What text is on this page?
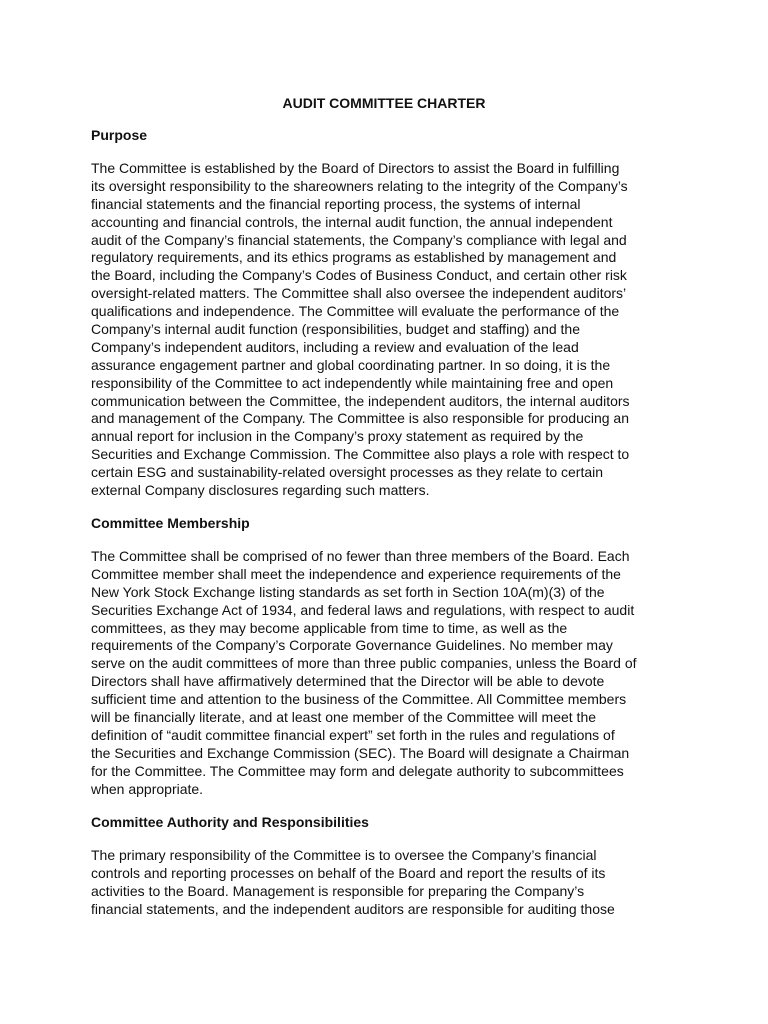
AUDIT COMMITTEE CHARTER
Purpose
The Committee is established by the Board of Directors to assist the Board in fulfilling
its oversight responsibility to the shareowners relating to the integrity of the Company’s
financial statements and the financial reporting process, the systems of internal
accounting and financial controls, the internal audit function, the annual independent
audit of the Company’s financial statements, the Company’s compliance with legal and
regulatory requirements, and its ethics programs as established by management and
the Board, including the Company’s Codes of Business Conduct, and certain other risk
oversight-related matters. The Committee shall also oversee the independent auditors’
qualifications and independence. The Committee will evaluate the performance of the
Company’s internal audit function (responsibilities, budget and staffing) and the
Company’s independent auditors, including a review and evaluation of the lead
assurance engagement partner and global coordinating partner. In so doing, it is the
responsibility of the Committee to act independently while maintaining free and open
communication between the Committee, the independent auditors, the internal auditors
and management of the Company. The Committee is also responsible for producing an
annual report for inclusion in the Company’s proxy statement as required by the
Securities and Exchange Commission. The Committee also plays a role with respect to
certain ESG and sustainability-related oversight processes as they relate to certain
external Company disclosures regarding such matters.
Committee Membership
The Committee shall be comprised of no fewer than three members of the Board. Each
Committee member shall meet the independence and experience requirements of the
New York Stock Exchange listing standards as set forth in Section 10A(m)(3) of the
Securities Exchange Act of 1934, and federal laws and regulations, with respect to audit
committees, as they may become applicable from time to time, as well as the
requirements of the Company’s Corporate Governance Guidelines. No member may
serve on the audit committees of more than three public companies, unless the Board of
Directors shall have affirmatively determined that the Director will be able to devote
sufficient time and attention to the business of the Committee. All Committee members
will be financially literate, and at least one member of the Committee will meet the
definition of “audit committee financial expert” set forth in the rules and regulations of
the Securities and Exchange Commission (SEC). The Board will designate a Chairman
for the Committee. The Committee may form and delegate authority to subcommittees
when appropriate.
Committee Authority and Responsibilities
The primary responsibility of the Committee is to oversee the Company’s financial
controls and reporting processes on behalf of the Board and report the results of its
activities to the Board. Management is responsible for preparing the Company’s
financial statements, and the independent auditors are responsible for auditing those
